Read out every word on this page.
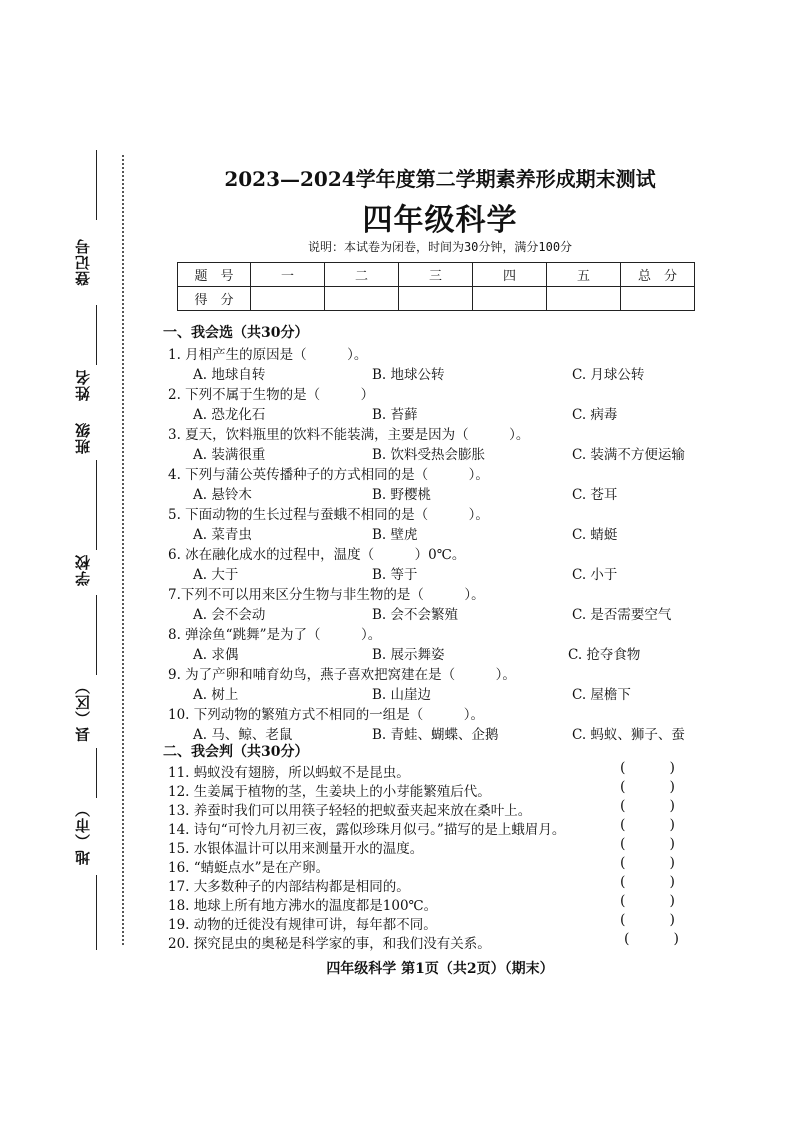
登记号
姓名
班级
学校
县（区）
地（市）
2023—2024学年度第二学期素养形成期末测试
四年级科学
说明：本试卷为闭卷，时间为30分钟，满分100分
题　号	一	二	三	四	五	总　分
得　分						
一、我会选（共30分）
1. 月相产生的原因是（　　　）。
A. 地球自转	B. 地球公转	C. 月球公转
2. 下列不属于生物的是（　　　）
A. 恐龙化石	B. 苔藓	C. 病毒
3. 夏天，饮料瓶里的饮料不能装满，主要是因为（　　　）。
A. 装满很重	B. 饮料受热会膨胀	C. 装满不方便运输
4. 下列与蒲公英传播种子的方式相同的是（　　　）。
A. 悬铃木	B. 野樱桃	C. 苍耳
5. 下面动物的生长过程与蚕蛾不相同的是（　　　）。
A. 菜青虫	B. 壁虎	C. 蜻蜓
6. 冰在融化成水的过程中，温度（　　　）0℃。
A. 大于	B. 等于	C. 小于
7.下列不可以用来区分生物与非生物的是（　　　）。
A. 会不会动	B. 会不会繁殖	C. 是否需要空气
8. 弹涂鱼“跳舞”是为了（　　　）。
A. 求偶	B. 展示舞姿	C. 抢夺食物
9. 为了产卵和哺育幼鸟，燕子喜欢把窝建在是（　　　）。
A. 树上	B. 山崖边	C. 屋檐下
10. 下列动物的繁殖方式不相同的一组是（　　　）。
A. 马、鲸、老鼠	B. 青蛙、蝴蝶、企鹅	C. 蚂蚁、狮子、蚕
二、我会判（共30分）
11. 蚂蚁没有翅膀，所以蚂蚁不是昆虫。	(	)
12. 生姜属于植物的茎，生姜块上的小芽能繁殖后代。	(	)
13. 养蚕时我们可以用筷子轻轻的把蚁蚕夹起来放在桑叶上。	(	)
14. 诗句“可怜九月初三夜，露似珍珠月似弓。”描写的是上蛾眉月。	(	)
15. 水银体温计可以用来测量开水的温度。	(	)
16. “蜻蜓点水”是在产卵。	(	)
17. 大多数种子的内部结构都是相同的。	(	)
18. 地球上所有地方沸水的温度都是100℃。	(	)
19. 动物的迁徙没有规律可讲，每年都不同。	(	)
20. 探究昆虫的奥秘是科学家的事，和我们没有关系。	(	)
四年级科学 第1页（共2页）（期末）
